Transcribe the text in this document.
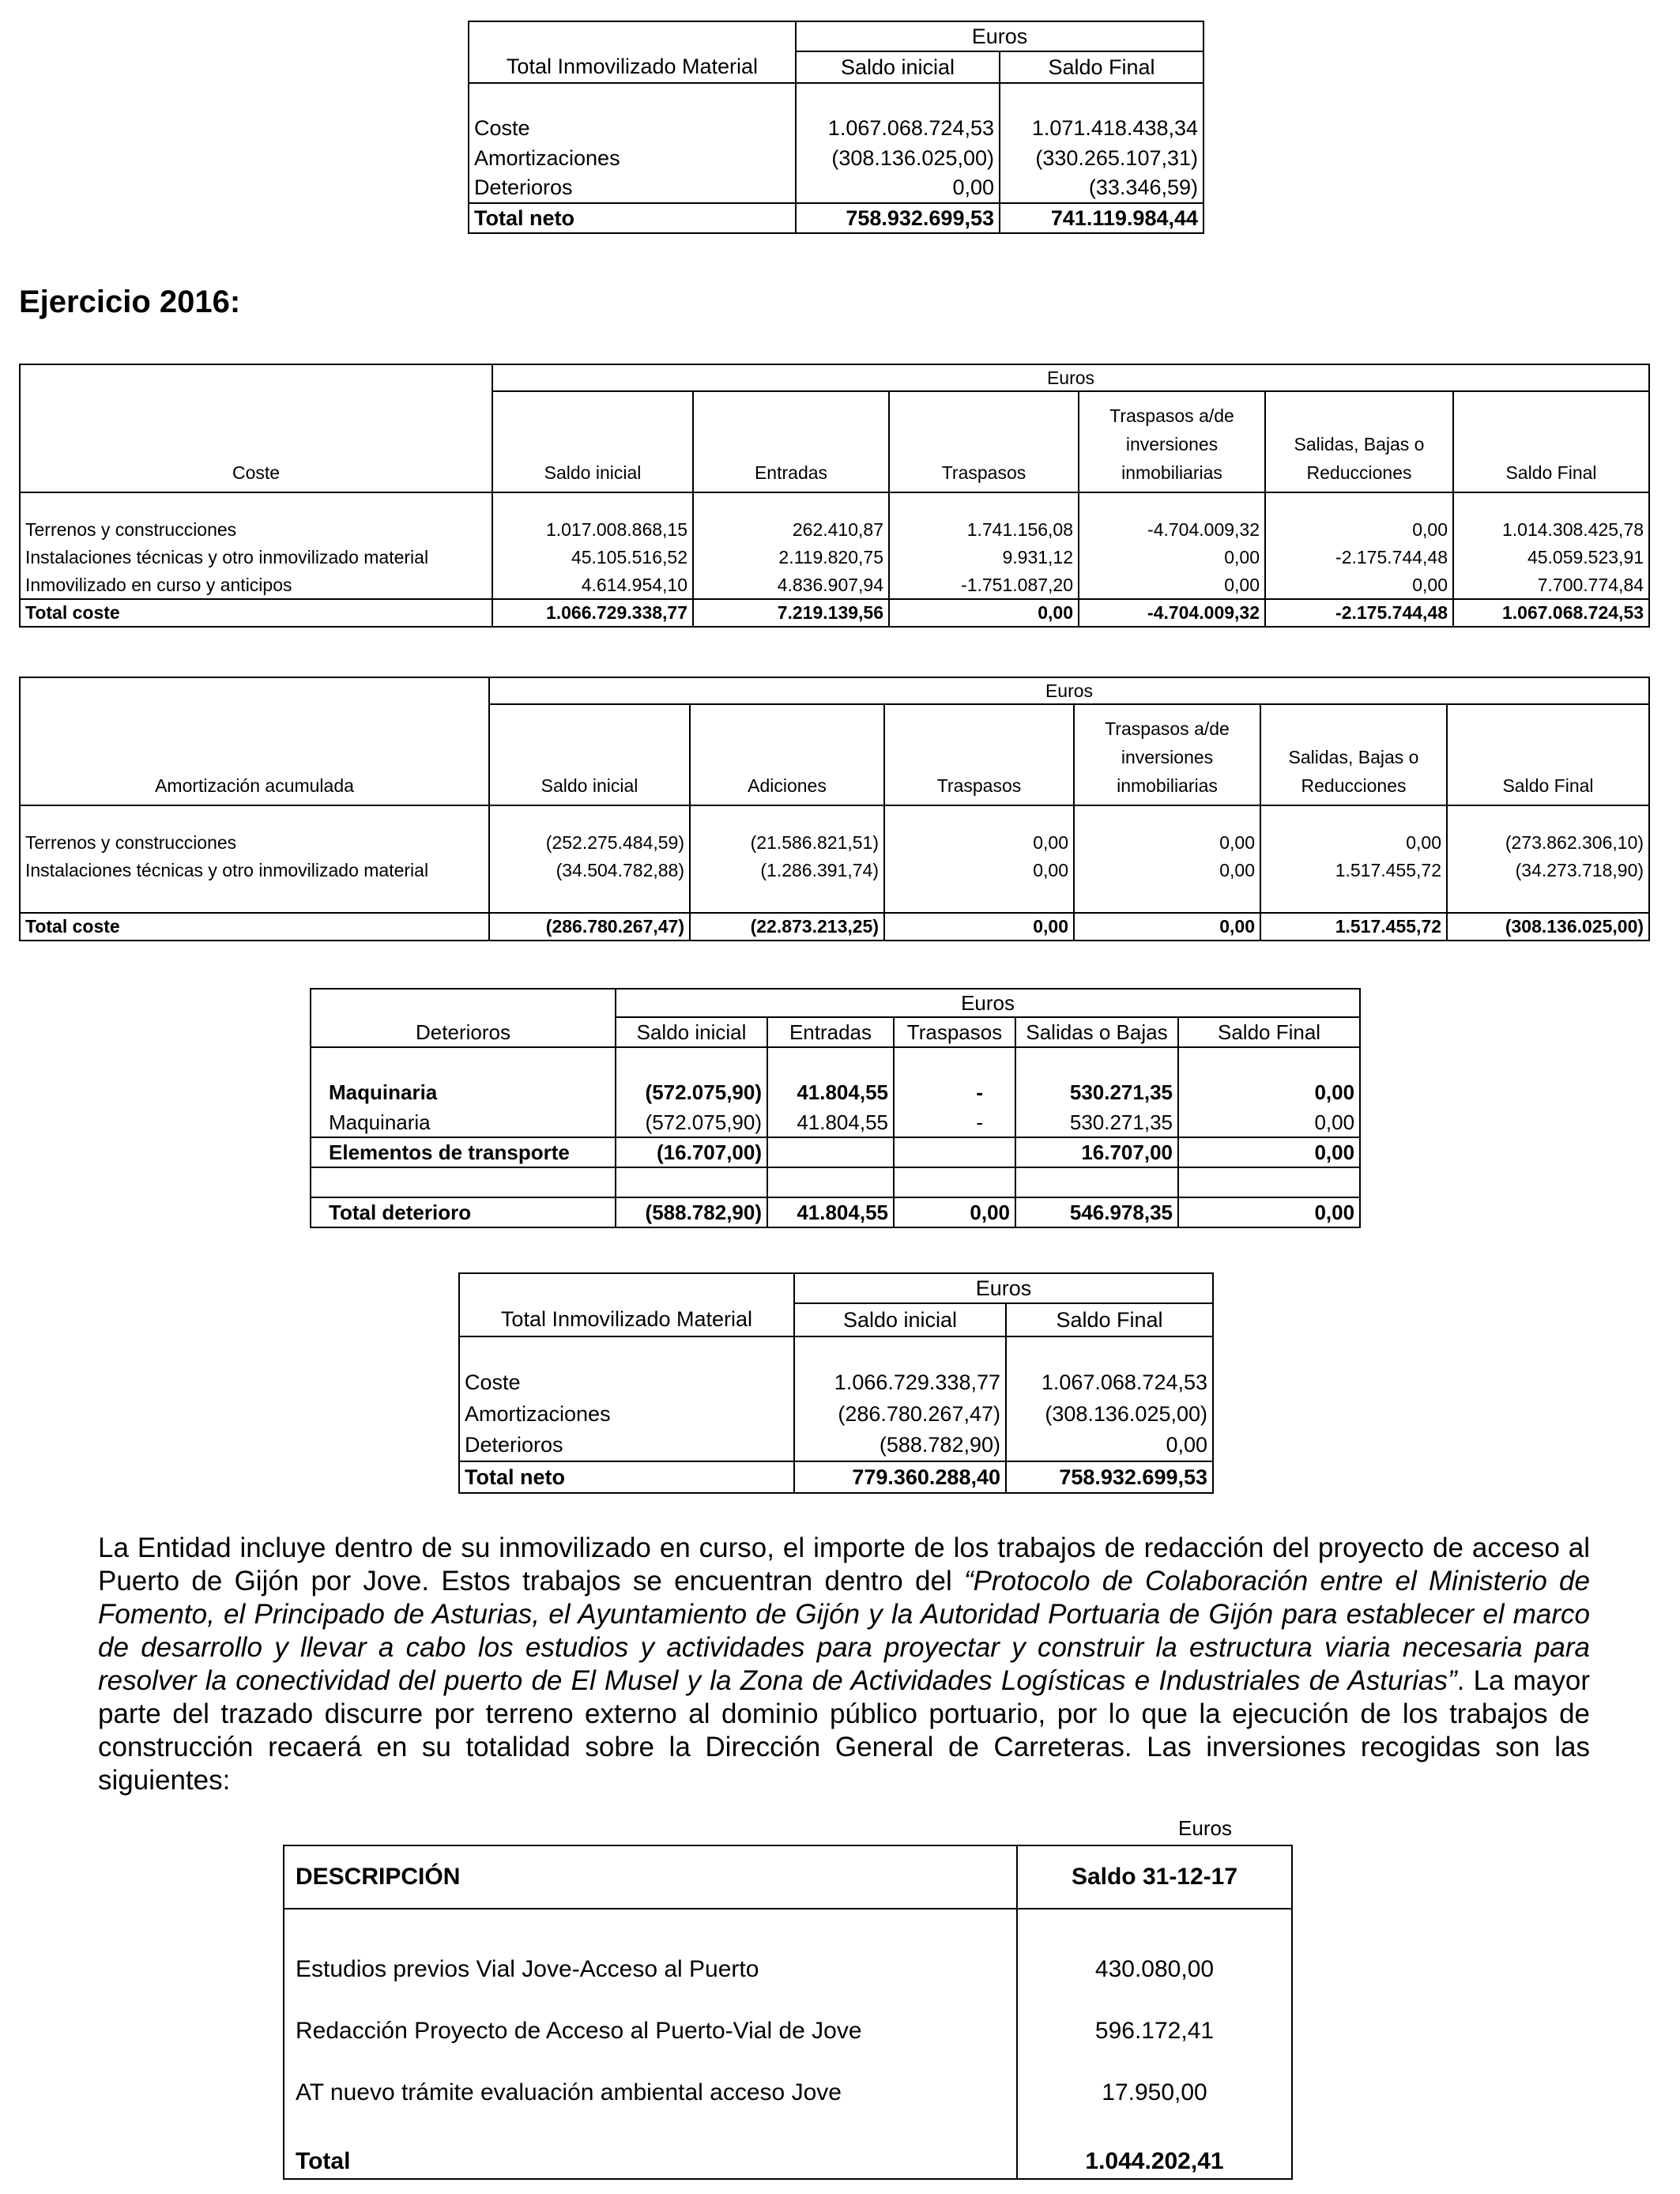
	Euros	
Total Inmovilizado Material	Saldo inicial	Saldo Final

Coste	1.067.068.724,53	1.071.418.438,34
Amortizaciones	(308.136.025,00)	(330.265.107,31)
Deterioros	0,00	(33.346,59)
Total neto	758.932.699,53	741.119.984,44
Ejercicio 2016:
	Euros					
Coste	Saldo inicial	Entradas	Traspasos	Traspasos a/de inversiones inmobiliarias	Salidas, Bajas o Reducciones	Saldo Final

Terrenos y construcciones	1.017.008.868,15	262.410,87	1.741.156,08	-4.704.009,32	0,00	1.014.308.425,78
Instalaciones técnicas y otro inmovilizado material	45.105.516,52	2.119.820,75	9.931,12	0,00	-2.175.744,48	45.059.523,91
Inmovilizado en curso y anticipos	4.614.954,10	4.836.907,94	-1.751.087,20	0,00	0,00	7.700.774,84
Total coste	1.066.729.338,77	7.219.139,56	0,00	-4.704.009,32	-2.175.744,48	1.067.068.724,53
	Euros					
Amortización acumulada	Saldo inicial	Adiciones	Traspasos	Traspasos a/de inversiones inmobiliarias	Salidas, Bajas o Reducciones	Saldo Final

Terrenos y construcciones	(252.275.484,59)	(21.586.821,51)	0,00	0,00	0,00	(273.862.306,10)
Instalaciones técnicas y otro inmovilizado material	(34.504.782,88)	(1.286.391,74)	0,00	0,00	1.517.455,72	(34.273.718,90)

Total coste	(286.780.267,47)	(22.873.213,25)	0,00	0,00	1.517.455,72	(308.136.025,00)
	Euros				
Deterioros	Saldo inicial	Entradas	Traspasos	Salidas o Bajas	Saldo Final

Maquinaria	(572.075,90)	41.804,55	-	530.271,35	0,00
Maquinaria	(572.075,90)	41.804,55	-	530.271,35	0,00
Elementos de transporte	(16.707,00)			16.707,00	0,00

Total deterioro	(588.782,90)	41.804,55	0,00	546.978,35	0,00
	Euros	
Total Inmovilizado Material	Saldo inicial	Saldo Final

Coste	1.066.729.338,77	1.067.068.724,53
Amortizaciones	(286.780.267,47)	(308.136.025,00)
Deterioros	(588.782,90)	0,00
Total neto	779.360.288,40	758.932.699,53
La Entidad incluye dentro de su inmovilizado en curso, el importe de los trabajos de redacción del proyecto de acceso al Puerto de Gijón por Jove. Estos trabajos se encuentran dentro del “Protocolo de Colaboración entre el Ministerio de Fomento, el Principado de Asturias, el Ayuntamiento de Gijón y la Autoridad Portuaria de Gijón para establecer el marco de desarrollo y llevar a cabo los estudios y actividades para proyectar y construir la estructura viaria necesaria para resolver la conectividad del puerto de El Musel y la Zona de Actividades Logísticas e Industriales de Asturias”. La mayor parte del trazado discurre por terreno externo al dominio público portuario, por lo que la ejecución de los trabajos de construcción recaerá en su totalidad sobre la Dirección General de Carreteras. Las inversiones recogidas son las siguientes:
Euros
DESCRIPCIÓN	Saldo 31-12-17

Estudios previos Vial Jove-Acceso al Puerto	430.080,00
Redacción Proyecto de Acceso al Puerto-Vial de Jove	596.172,41
AT nuevo trámite evaluación ambiental acceso Jove	17.950,00
Total	1.044.202,41
